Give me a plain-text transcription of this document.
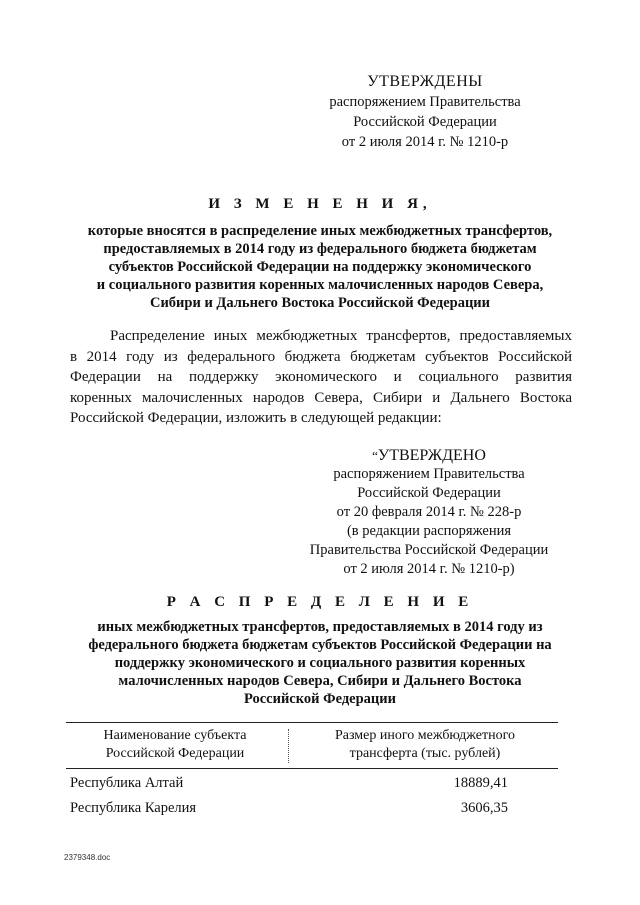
УТВЕРЖДЕНЫ
распоряжением Правительства
Российской Федерации
от 2 июля 2014 г. № 1210-р
И З М Е Н Е Н И Я,
которые вносятся в распределение иных межбюджетных трансфертов,
предоставляемых в 2014 году из федерального бюджета бюджетам
субъектов Российской Федерации на поддержку экономического
и социального развития коренных малочисленных народов Севера,
Сибири и Дальнего Востока Российской Федерации
Распределение иных межбюджетных трансфертов, предоставляемых
в 2014 году из федерального бюджета бюджетам субъектов Российской
Федерации на поддержку экономического и социального развития
коренных малочисленных народов Севера, Сибири и Дальнего Востока
Российской Федерации, изложить в следующей редакции:
“УТВЕРЖДЕНО
распоряжением Правительства
Российской Федерации
от 20 февраля 2014 г. № 228-р
(в редакции распоряжения
Правительства Российской Федерации
от 2 июля 2014 г. № 1210-р)
Р А С П Р Е Д Е Л Е Н И Е
иных межбюджетных трансфертов, предоставляемых в 2014 году из
федерального бюджета бюджетам субъектов Российской Федерации на
поддержку экономического и социального развития коренных
малочисленных народов Севера, Сибири и Дальнего Востока
Российской Федерации
Наименование субъекта
Российской Федерации
Размер иного межбюджетного
трансферта (тыс. рублей)
Республика Алтай	18889,41
Республика Карелия	3606,35
2379348.doc
